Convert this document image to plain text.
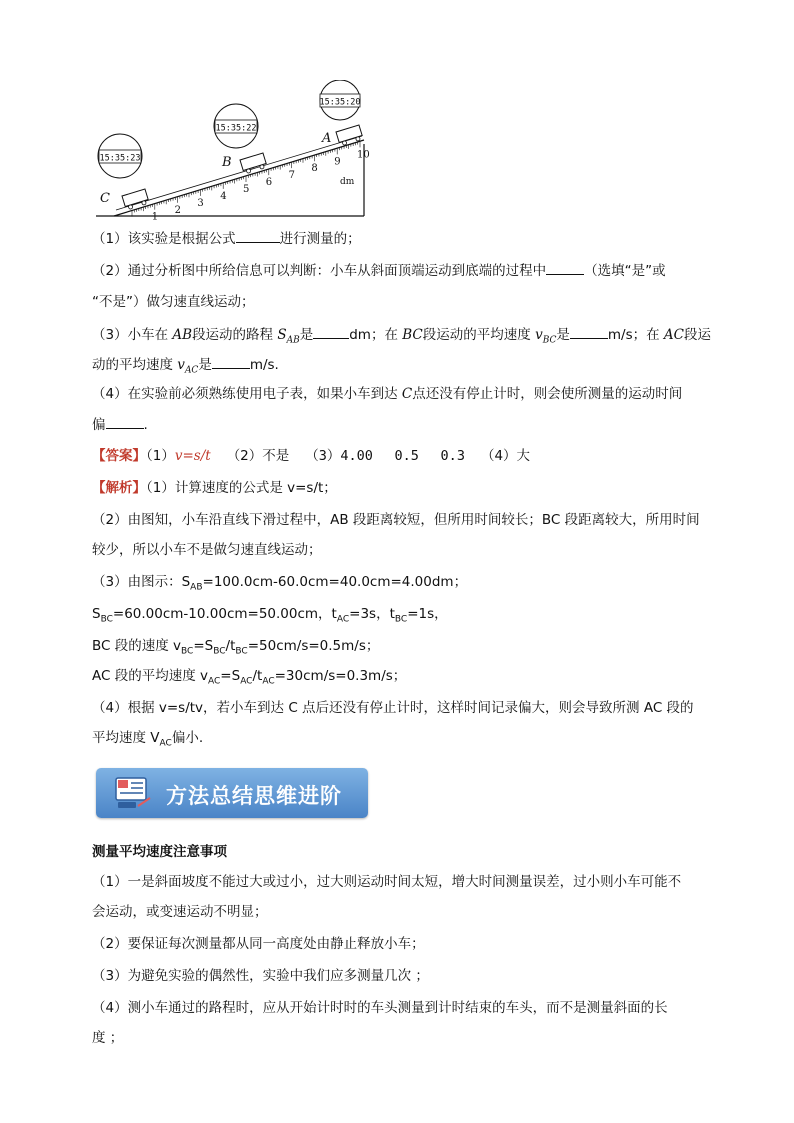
1
2
3
4
5
6
7
8
9
10
dm
C
B
A
15:35:23
15:35:22
15:35:20
（1）该实验是根据公式	进行测量的；
（2）通过分析图中所给信息可以判断：小车从斜面顶端运动到底端的过程中	（选填“是”或
“不是”）做匀速直线运动；
（3）小车在 AB段运动的路程 $S_{AB}$是	dm；在 BC段运动的平均速度 $v_{BC}$是	m/s；在 AC段运
动的平均速度 $v_{AC}$是	m/s.
（4）在实验前必须熟练使用电子表，如果小车到达 C点还没有停止计时，则会使所测量的运动时间
偏	.
【答案】（1）v=s/t （2）不是 （3）4.00　 0.5　 0.3 （4）大
【解析】（1）计算速度的公式是 v=s/t；
（2）由图知，小车沿直线下滑过程中，AB 段距离较短，但所用时间较长；BC 段距离较大，所用时间
较少，所以小车不是做匀速直线运动；
（3）由图示：$S_{AB}=100.0cm-60.0cm=40.0cm=4.00dm$；
$S_{BC}=60.00cm-10.00cm=50.00cm$，$t_{AC}=3s$，$t_{BC}=1s$，
BC 段的速度 $v_{BC}=S_{BC}/t_{BC}=50cm/s=0.5m/s$；
AC 段的平均速度 $v_{AC}=S_{AC}/t_{AC}=30cm/s=0.3m/s$；
（4）根据 v=s/tv，若小车到达 C 点后还没有停止计时，这样时间记录偏大，则会导致所测 AC 段的
平均速度 $V_{AC}$偏小.
方法总结思维进阶
测量平均速度注意事项
（1）一是斜面坡度不能过大或过小，过大则运动时间太短，增大时间测量误差，过小则小车可能不
会运动，或变速运动不明显；
（2）要保证每次测量都从同一高度处由静止释放小车；
（3）为避免实验的偶然性，实验中我们应多测量几次 ；
（4）测小车通过的路程时，应从开始计时时的车头测量到计时结束的车头，而不是测量斜面的长
度 ；
